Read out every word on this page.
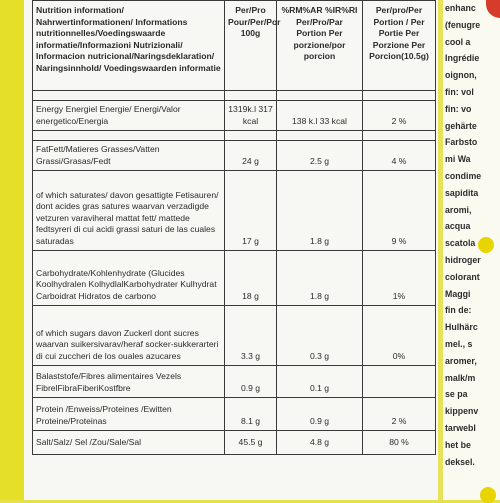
Nutrition information/ Nahrwertinformationen/ Informations nutritionnelles/Voedingswaarde informatie/Informazioni Nutrizionali/ Informacion nutricional/Naringsdeklaration/ Naringsinnhold/ Voedingswaarden informatie	Per/Pro Pour/Per/Por 100g	%RM%AR %IR%RI Per/Pro/Par Portion Per porzione/por porcion	Per/pro/Per Portion / Per Portie Per Porzione Per Porcion(10.5g)

Energy Energiel Energie/ Energi/Valor energetico/Energia	1319k.l 317 kcal	138 k.l 33 kcal	2 %

FatFett/Matieres Grasses/Vatten Grassi/Grasas/Fedt	24 g	2.5 g	4 %
of which saturates/ davon gesattigte Fetisauren/ dont acides gras satures waarvan verzadigde vetzuren varaviheral mattat fett/ mattede fedtsyreri di cui acidi grassi saturi de las cuales saturadas	17 g	1.8 g	9 %
Carbohydrate/Kohlenhydrate (Glucides Koolhydralen KolhydlalKarbohydrater Kulhydrat Carboidrat Hidratos de carbono	18 g	1.8 g	1%
of which sugars davon Zuckerl dont sucres waarvan suikersivarav/heraf socker-sukkerarteri di cui zuccheri de los ouales azucares	3.3 g	0.3 g	0%
Balaststofe/Fibres alimentaires Vezels FibrelFibraFiberiKostfbre	0.9 g	0.1 g	
Protein /Enweiss/Proteines /Ewitten Proteine/Proteinas	8.1 g	0.9 g	2 %
Salt/Salz/ Sel /Zou/Sale/Sal	45.5 g	4.8 g	80 %
enhanc
(fenugre
cool a
Ingrédie
oignon,
fin: vol
fin: vo
gehärte
Farbsto
mi Wa
condime
sapidita
aromi,
acqua
scatola
hidroger
colorant
Maggi
fin de:
Hulhärc
mel., s
aromer,
malk/m
se pa
kippenv
tarwebl
het be
deksel.
